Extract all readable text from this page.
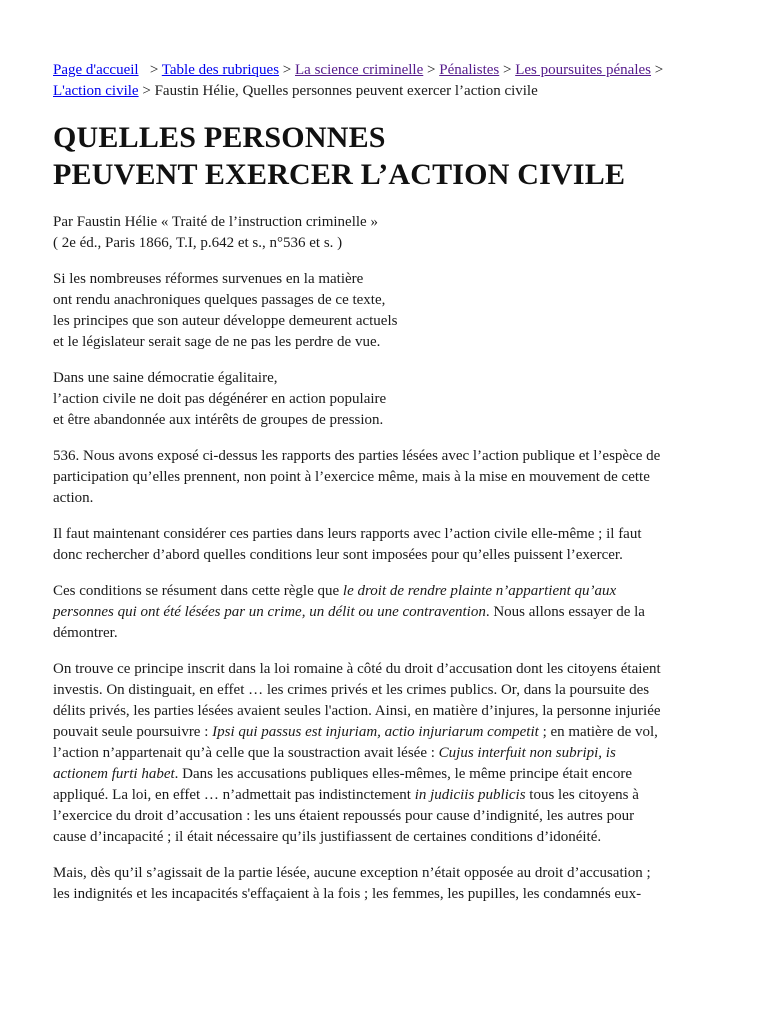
Page d'accueil > Table des rubriques > La science criminelle > Pénalistes > Les poursuites pénales > L'action civile > Faustin Hélie, Quelles personnes peuvent exercer l’action civile
QUELLES PERSONNES
PEUVENT EXERCER L’ACTION CIVILE
Par Faustin Hélie « Traité de l’instruction criminelle »
( 2e éd., Paris 1866, T.I, p.642 et s., n°536 et s. )
Si les nombreuses réformes survenues en la matière
ont rendu anachroniques quelques passages de ce texte,
les principes que son auteur développe demeurent actuels
et le législateur serait sage de ne pas les perdre de vue.
Dans une saine démocratie égalitaire,
l’action civile ne doit pas dégénérer en action populaire
et être abandonnée aux intérêts de groupes de pression.
536. Nous avons exposé ci-dessus les rapports des parties lésées avec l’action publique et l’espèce de
participation qu’elles prennent, non point à l’exercice même, mais à la mise en mouvement de cette
action.
Il faut maintenant considérer ces parties dans leurs rapports avec l’action civile elle-même ; il faut
donc rechercher d’abord quelles conditions leur sont imposées pour qu’elles puissent l’exercer.
Ces conditions se résument dans cette règle que le droit de rendre plainte n’appartient qu’aux
personnes qui ont été lésées par un crime, un délit ou une contravention. Nous allons essayer de la
démontrer.
On trouve ce principe inscrit dans la loi romaine à côté du droit d’accusation dont les citoyens étaient
investis. On distinguait, en effet … les crimes privés et les crimes publics. Or, dans la poursuite des
délits privés, les parties lésées avaient seules l'action. Ainsi, en matière d’injures, la personne injuriée
pouvait seule poursuivre : Ipsi qui passus est injuriam, actio injuriarum competit ; en matière de vol,
l’action n’appartenait qu’à celle que la soustraction avait lésée : Cujus interfuit non subripi, is
actionem furti habet. Dans les accusations publiques elles-mêmes, le même principe était encore
appliqué. La loi, en effet … n’admettait pas indistinctement in judiciis publicis tous les citoyens à
l’exercice du droit d’accusation : les uns étaient repoussés pour cause d’indignité, les autres pour
cause d’incapacité ; il était nécessaire qu’ils justifiassent de certaines conditions d’idonéité.
Mais, dès qu’il s’agissait de la partie lésée, aucune exception n’était opposée au droit d’accusation ;
les indignités et les incapacités s'effaçaient à la fois ; les femmes, les pupilles, les condamnés eux-
